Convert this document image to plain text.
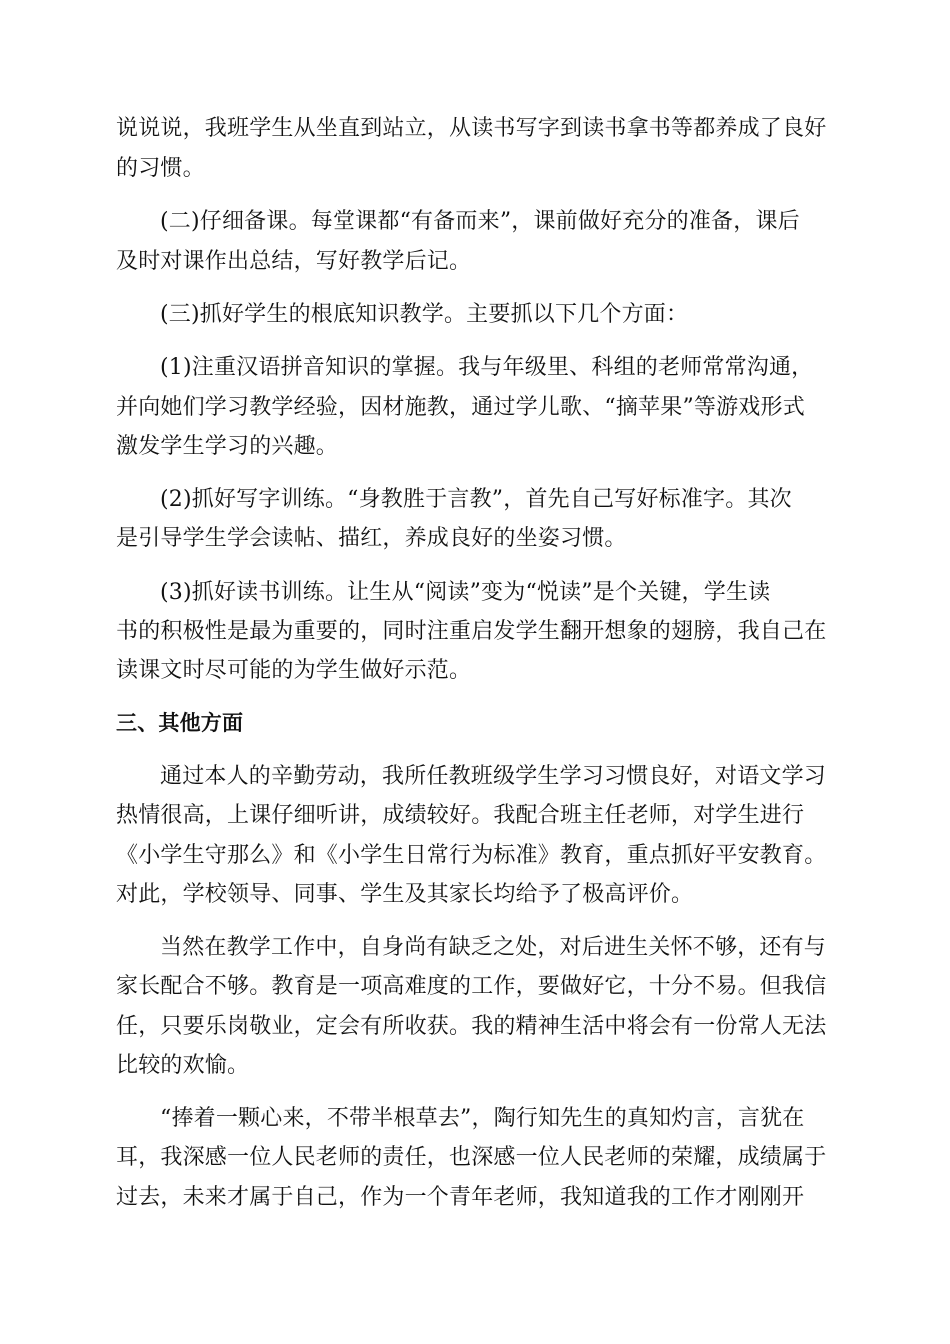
说说说，我班学生从坐直到站立，从读书写字到读书拿书等都养成了良好
的习惯。
(二)仔细备课。每堂课都“有备而来”，课前做好充分的准备，课后
及时对课作出总结，写好教学后记。
(三)抓好学生的根底知识教学。主要抓以下几个方面：
(1)注重汉语拼音知识的掌握。我与年级里、科组的老师常常沟通，
并向她们学习教学经验，因材施教，通过学儿歌、“摘苹果”等游戏形式
激发学生学习的兴趣。
(2)抓好写字训练。“身教胜于言教”，首先自己写好标准字。其次
是引导学生学会读帖、描红，养成良好的坐姿习惯。
(3)抓好读书训练。让生从“阅读”变为“悦读”是个关键，学生读
书的积极性是最为重要的，同时注重启发学生翻开想象的翅膀，我自己在
读课文时尽可能的为学生做好示范。
三、其他方面
通过本人的辛勤劳动，我所任教班级学生学习习惯良好，对语文学习
热情很高，上课仔细听讲，成绩较好。我配合班主任老师，对学生进行
《小学生守那么》和《小学生日常行为标准》教育，重点抓好平安教育。
对此，学校领导、同事、学生及其家长均给予了极高评价。
当然在教学工作中，自身尚有缺乏之处，对后进生关怀不够，还有与
家长配合不够。教育是一项高难度的工作，要做好它，十分不易。但我信
任，只要乐岗敬业，定会有所收获。我的精神生活中将会有一份常人无法
比较的欢愉。
“捧着一颗心来，不带半根草去”，陶行知先生的真知灼言，言犹在
耳，我深感一位人民老师的责任，也深感一位人民老师的荣耀，成绩属于
过去，未来才属于自己，作为一个青年老师，我知道我的工作才刚刚开
